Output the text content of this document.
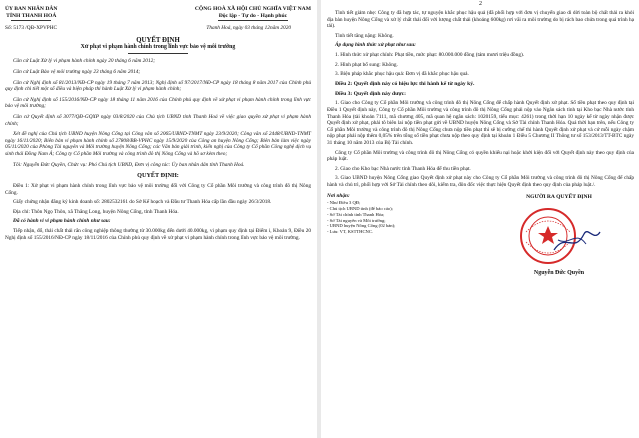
ỦY BAN NHÂN DÂN

TỈNH THANH HOÁ

CỘNG HOÀ XÃ HỘI CHỦ NGHĨA VIỆT NAM

Độc lập - Tự do - Hạnh phúc

Số: 5173 /QĐ-XPVPHC	Thanh Hoá, ngày 03 tháng 12năm 2020

QUYẾT ĐỊNH

Xử phạt vi phạm hành chính trong lĩnh vực bảo vệ môi trường

Căn cứ Luật Xử lý vi phạm hành chính ngày 20 tháng 6 năm 2012;

Căn cứ Luật Bảo vệ môi trường ngày 23 tháng 6 năm 2014;

Căn cứ Nghị định số 81/2013/NĐ-CP ngày 19 tháng 7 năm 2013; Nghị định số 97/2017/NĐ-CP ngày 18 tháng 8 năm 2017 của Chính phủ quy định chi tiết một số điều và biện pháp thi hành Luật Xử lý vi phạm hành chính;

Căn cứ Nghị định số 155/2016/NĐ-CP ngày 18 tháng 11 năm 2016 của Chính phủ quy định về xử phạt vi phạm hành chính trong lĩnh vực bảo vệ môi trường;

Căn cứ Quyết định số 3077/QĐ-GQXP ngày 03/8/2020 của Chủ tịch UBND tỉnh Thanh Hoá về việc giao quyền xử phạt vi phạm hành chính;

Xét đề nghị của Chủ tịch UBND huyện Nông Cống tại Công văn số 2065/UBND-TNMT ngày 23/9/2020; Công văn số 2448/UBND-TNMT ngày 16/11/2020; Biên bản vi phạm hành chính số 27808/BB-VPHC ngày 15/9/2020 của Công an huyện Nông Cống; Biên bản làm việc ngày 05/11/2020 của Phòng Tài nguyên và Môi trường huyện Nông Cống; các Văn bản giải trình, kiến nghị của Công ty Cổ phần Công nghệ dịch vụ sinh thái Đồng Nam Á; Công ty Cổ phần Môi trường và công trình đô thị Nông Cống và hồ sơ kèm theo;

Tôi: Nguyễn Đức Quyền, Chức vụ: Phó Chủ tịch UBND, Đơn vị công tác: Ủy ban nhân dân tỉnh Thanh Hoá.

QUYẾT ĐỊNH:

Điều 1: Xử phạt vi phạm hành chính trong lĩnh vực bảo vệ môi trường đối với Công ty Cổ phần Môi trường và công trình đô thị Nông Cống.

Giấy chứng nhận đăng ký kinh doanh số: 2802532161 do Sở Kế hoạch và Đầu tư Thanh Hóa cấp lần đầu ngày 26/3/2018.

Địa chỉ: Thôn Ngọ Thôn, xã Thăng Long, huyện Nông Cống, tỉnh Thanh Hóa.

Đã có hành vi vi phạm hành chính như sau:

Tiếp nhận, đổ, thải chất thải rắn công nghiệp thông thường từ 30.000kg đến dưới 40.000kg, vi phạm quy định tại Điểm i, Khoản 9, Điều 20 Nghị định số 155/2016/NĐ-CP ngày 18/11/2016 của Chính phủ quy định về xử phạt vi phạm hành chính trong lĩnh vực bảo vệ môi trường.

2

Tình tiết giảm nhẹ: Công ty đã hợp tác, tự nguyện khắc phục hậu quả (đã phối hợp với đơn vị chuyển giao di dời toàn bộ chất thải ra khỏi địa bàn huyện Nông Cống và xử lý chất thải đối với lượng chất thải (khoảng 600kg) rơi vãi ra môi trường do bị rách bao chứa trong quá trình hạ tải).

Tình tiết tăng nặng: Không.

Áp dụng hình thức xử phạt như sau:

1. Hình thức xử phạt chính: Phạt tiền, mức phạt: 80.000.000 đồng (tám mươi triệu đồng).

2. Hình phạt bổ sung: Không.

3. Biện pháp khắc phục hậu quả: Đơn vị đã khắc phục hậu quả.

Điều 2: Quyết định này có hiệu lực thi hành kể từ ngày ký.

Điều 3: Quyết định này được:

1. Giao cho Công ty Cổ phần Môi trường và công trình đô thị Nông Cống để chấp hành Quyết định xử phạt. Số tiền phạt theo quy định tại Điều 1 Quyết định này, Công ty Cổ phần Môi trường và công trình đô thị Nông Cống phải nộp vào Ngân sách tỉnh tại Kho bạc Nhà nước tỉnh Thanh Hóa (tài khoản 7111, mã chương 405, mã quan hệ ngân sách: 1020159, tiểu mục: 4261) trong thời hạn 10 ngày kể từ ngày nhận được Quyết định xử phạt, phải tô biên lai nộp tiền phạt gửi về UBND huyện Nông Cống và Sở Tài chính Thanh Hóa. Quá thời hạn trên, nếu Công ty Cổ phần Môi trường và công trình đô thị Nông Cống chưa nộp tiền phạt thì sẽ bị cưỡng chế thi hành Quyết định xử phạt và cứ mỗi ngày chậm nộp phạt phải nộp thêm 0,05% trên tổng số tiền phạt chưa nộp theo quy định tại khoản 1 Điều 5 Chương II Thông tư số 153/2013/TT-BTC ngày 31 tháng 10 năm 2013 của Bộ Tài chính.

Công ty Cổ phần Môi trường và công trình đô thị Nông Cống có quyền khiếu nại hoặc khởi kiện đối với Quyết định này theo quy định của pháp luật.

2. Giao cho Kho bạc Nhà nước tỉnh Thanh Hóa để thu tiền phạt.

3. Giao UBND huyện Nông Cống giao Quyết định xử phạt này cho Công ty Cổ phần Môi trường và công trình đô thị Nông Cống để chấp hành và chủ trì, phối hợp với Sở Tài chính theo dõi, kiểm tra, đôn đốc việc thực hiện Quyết định theo quy định của pháp luật./.

Nơi nhận:

- Như Điều 3 QĐ;

- Chủ tịch UBND tỉnh (để báo cáo);

- Sở Tài chính tỉnh Thanh Hóa;

- Sở Tài nguyên và Môi trường;

- UBND huyện Nông Cống (02 bản);

- Lưu: VT, KSTTHCNC.

NGƯỜI RA QUYẾT ĐỊNH

Nguyễn Đức Quyền
